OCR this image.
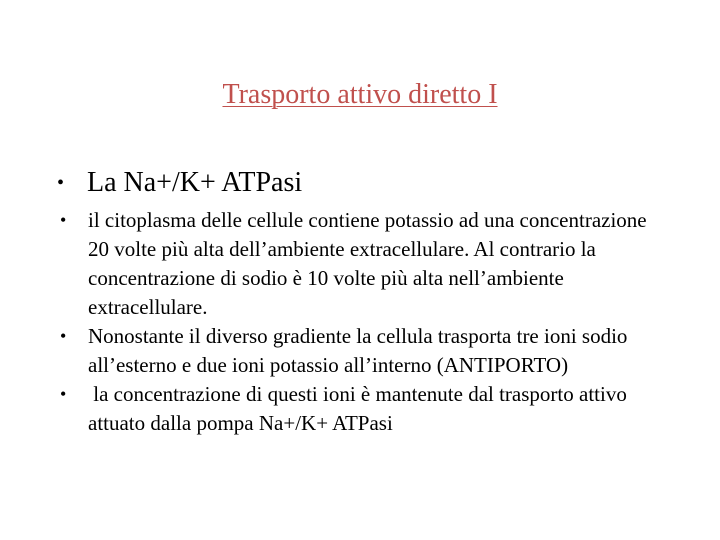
Trasporto attivo diretto I
• La Na+/K+ ATPasi
• il citoplasma delle cellule contiene potassio ad una concentrazione 20 volte più alta dell’ambiente extracellulare. Al contrario la concentrazione di sodio è 10 volte più alta nell’ambiente extracellulare.
• Nonostante il diverso gradiente la cellula trasporta tre ioni sodio all’esterno e due ioni potassio all’interno (ANTIPORTO)
• la concentrazione di questi ioni è mantenute dal trasporto attivo attuato dalla pompa Na+/K+ ATPasi
